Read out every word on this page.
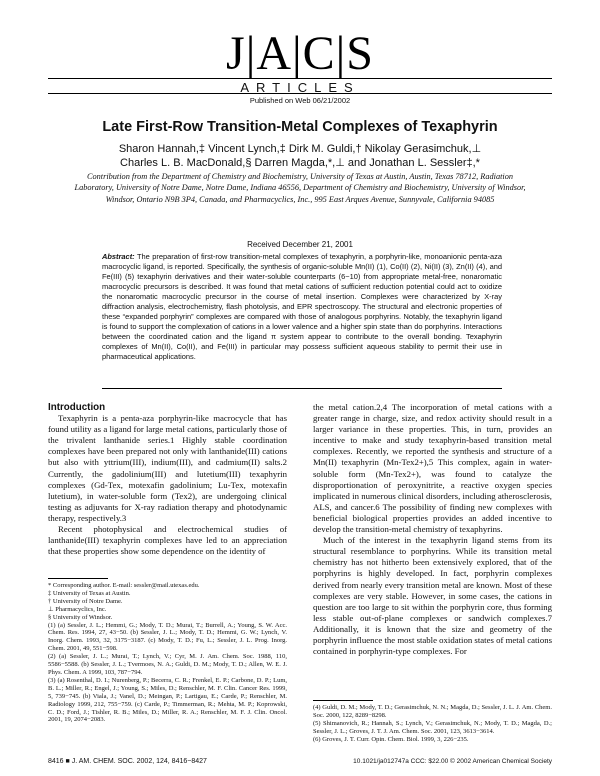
J|A|C|S
ARTICLES
Published on Web 06/21/2002
Late First-Row Transition-Metal Complexes of Texaphyrin
Sharon Hannah,‡ Vincent Lynch,‡ Dirk M. Guldi,† Nikolay Gerasimchuk,⊥
Charles L. B. MacDonald,§ Darren Magda,*,⊥ and Jonathan L. Sessler‡,*
Contribution from the Department of Chemistry and Biochemistry, University of Texas at Austin, Austin, Texas 78712, Radiation Laboratory, University of Notre Dame, Notre Dame, Indiana 46556, Department of Chemistry and Biochemistry, University of Windsor, Windsor, Ontario N9B 3P4, Canada, and Pharmacyclics, Inc., 995 East Arques Avenue, Sunnyvale, California 94085
Received December 21, 2001
Abstract: The preparation of first-row transition-metal complexes of texaphyrin, a porphyrin-like, monoanionic penta-aza macrocyclic ligand, is reported. Specifically, the synthesis of organic-soluble Mn(II) (1), Co(II) (2), Ni(II) (3), Zn(II) (4), and Fe(III) (5) texaphyrin derivatives and their water-soluble counterparts (6−10) from appropriate metal-free, nonaromatic macrocyclic precursors is described. It was found that metal cations of sufficient reduction potential could act to oxidize the nonaromatic macrocyclic precursor in the course of metal insertion. Complexes were characterized by X-ray diffraction analysis, electrochemistry, flash photolysis, and EPR spectroscopy. The structural and electronic properties of these “expanded porphyrin” complexes are compared with those of analogous porphyrins. Notably, the texaphyrin ligand is found to support the complexation of cations in a lower valence and a higher spin state than do porphyrins. Interactions between the coordinated cation and the ligand π system appear to contribute to the overall bonding. Texaphyrin complexes of Mn(II), Co(II), and Fe(III) in particular may possess sufficient aqueous stability to permit their use in pharmaceutical applications.

Introduction

Texaphyrin is a penta-aza porphyrin-like macrocycle that has found utility as a ligand for large metal cations, particularly those of the trivalent lanthanide series.1 Highly stable coordination complexes have been prepared not only with lanthanide(III) cations but also with yttrium(III), indium(III), and cadmium(II) salts.2 Currently, the gadolinium(III) and lutetium(III) texaphyrin complexes (Gd-Tex, motexafin gadolinium; Lu-Tex, motexafin lutetium), in water-soluble form (Tex2), are undergoing clinical testing as adjuvants for X-ray radiation therapy and photodynamic therapy, respectively.3

Recent photophysical and electrochemical studies of lanthanide(III) texaphyrin complexes have led to an appreciation that these properties show some dependence on the identity of

* Corresponding author. E-mail: sessler@mail.utexas.edu.
‡ University of Texas at Austin.
† University of Notre Dame.
⊥ Pharmacyclics, Inc.
§ University of Windsor.
(1) (a) Sessler, J. L.; Hemmi, G.; Mody, T. D.; Murai, T.; Burrell, A.; Young, S. W. Acc. Chem. Res. 1994, 27, 43−50. (b) Sessler, J. L.; Mody, T. D.; Hemmi, G. W.; Lynch, V. Inorg. Chem. 1993, 32, 3175−3187. (c) Mody, T. D.; Fu, L.; Sessler, J. L. Prog. Inorg. Chem. 2001, 49, 551−598.
(2) (a) Sessler, J. L.; Murai, T.; Lynch, V.; Cyr, M. J. Am. Chem. Soc. 1988, 110, 5586−5588. (b) Sessler, J. L.; Tvermoes, N. A.; Guldi, D. M.; Mody, T. D.; Allen, W. E. J. Phys. Chem. A 1999, 103, 787−794.
(3) (a) Rosenthal, D. I.; Nurenberg, P.; Becerra, C. R.; Frenkel, E. P.; Carbone, D. P.; Lum, B. L.; Miller, R.; Engel, J.; Young, S.; Miles, D.; Renschler, M. F. Clin. Cancer Res. 1999, 5, 739−745. (b) Viala, J.; Vanel, D.; Meingan, P.; Lartigau, E.; Carde, P.; Renschler, M. Radiology 1999, 212, 755−759. (c) Carde, P.; Timmerman, R.; Mehta, M. P.; Koprowski, C. D.; Ford, J.; Tishler, R. B.; Miles, D.; Miller, R. A.; Renschler, M. F. J. Clin. Oncol. 2001, 19, 2074−2083.

the metal cation.2,4 The incorporation of metal cations with a greater range in charge, size, and redox activity should result in a larger variance in these properties. This, in turn, provides an incentive to make and study texaphyrin-based transition metal complexes. Recently, we reported the synthesis and structure of a Mn(II) texaphyrin (Mn-Tex2+),5 This complex, again in water-soluble form (Mn-Tex2+), was found to catalyze the disproportionation of peroxynitrite, a reactive oxygen species implicated in numerous clinical disorders, including atherosclerosis, ALS, and cancer.6 The possibility of finding new complexes with beneficial biological properties provides an added incentive to develop the transition-metal chemistry of texaphyrins.

Much of the interest in the texaphyrin ligand stems from its structural resemblance to porphyrins. While its transition metal chemistry has not hitherto been extensively explored, that of the porphyrins is highly developed. In fact, porphyrin complexes derived from nearly every transition metal are known. Most of these complexes are very stable. However, in some cases, the cations in question are too large to sit within the porphyrin core, thus forming less stable out-of-plane complexes or sandwich complexes.7 Additionally, it is known that the size and geometry of the porphyrin influence the most stable oxidation states of metal cations contained in porphyrin-type complexes. For

(4) Guldi, D. M.; Mody, T. D.; Gerasimchuk, N. N.; Magda, D.; Sessler, J. L. J. Am. Chem. Soc. 2000, 122, 8289−8298.
(5) Shimanovich, R.; Hannah, S.; Lynch, V.; Gerasimchuk, N.; Mody, T. D.; Magda, D.; Sessler, J. L.; Groves, J. T. J. Am. Chem. Soc. 2001, 123, 3613−3614.
(6) Groves, J. T. Curr. Opin. Chem. Biol. 1999, 3, 226−235.
8416 ■ J. AM. CHEM. SOC. 2002, 124, 8416−8427	10.1021/ja012747a CCC: $22.00 © 2002 American Chemical Society
